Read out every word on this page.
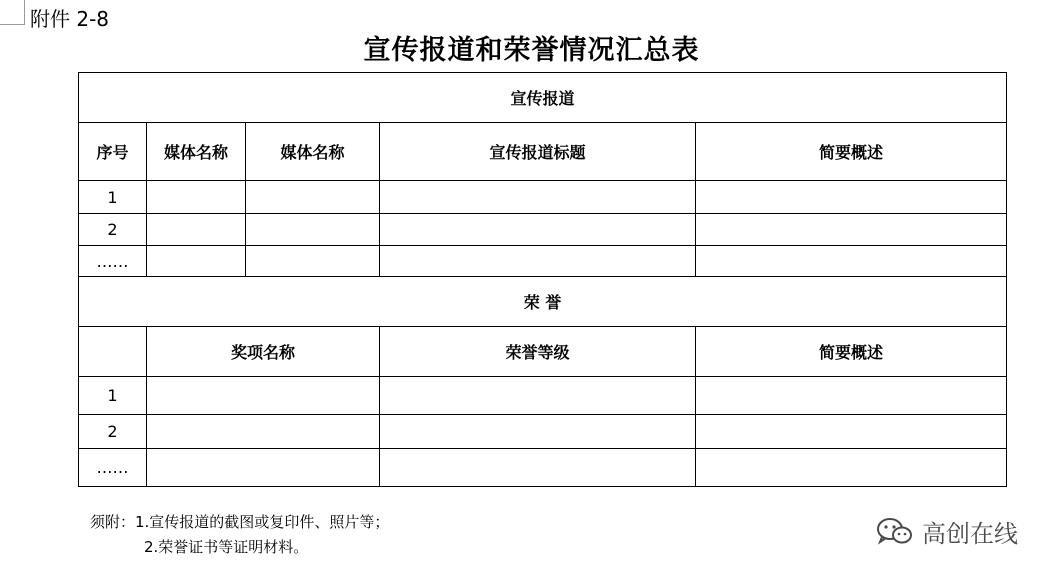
附件 2-8
宣传报道和荣誉情况汇总表
宣传报道				
序号	媒体名称	媒体名称	宣传报道标题	简要概述
1				
2				
……				
荣 誉				
	奖项名称		荣誉等级	简要概述
1				
2				
……				
须附：1.宣传报道的截图或复印件、照片等；
2.荣誉证书等证明材料。	高创在线
